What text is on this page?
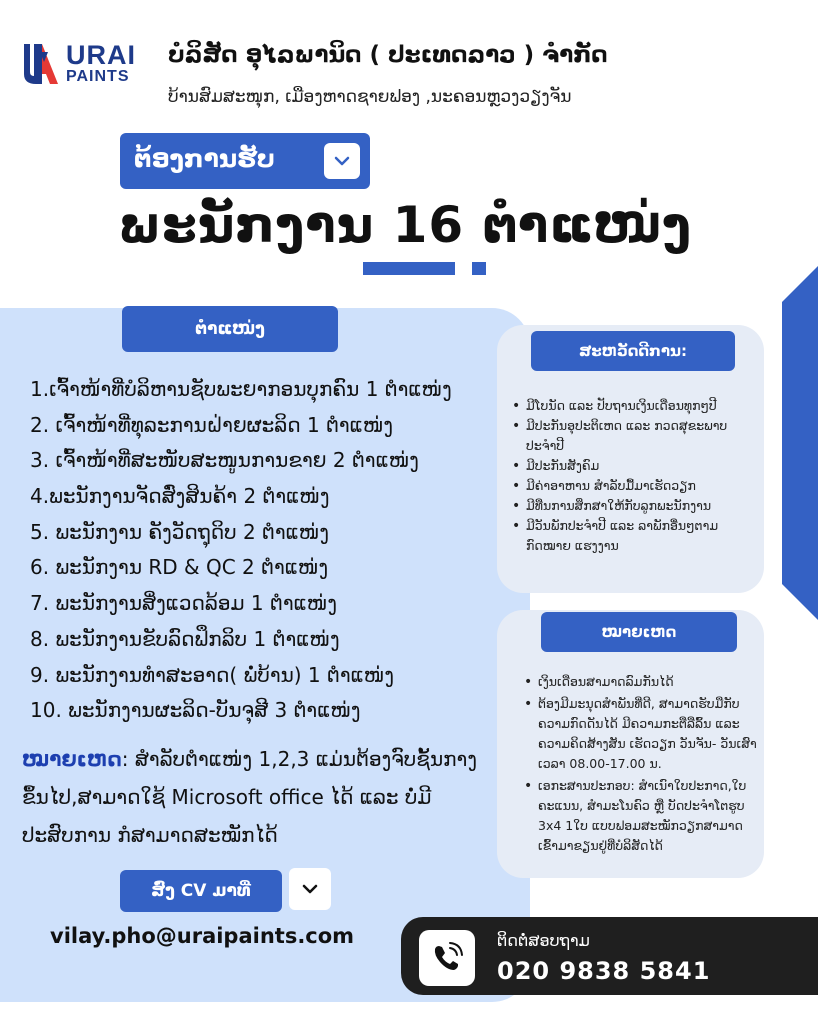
URAI
PAINTS
ບໍລິສັດ ອຸໄລພານິດ ( ປະເທດລາວ ) ຈຳກັດ
ບ້ານສົມສະໜຸກ, ເມືອງຫາດຊາຍຟອງ ,ນະຄອນຫຼວງວຽງຈັນ
ຕ້ອງການຮັບ
ພະນັກງານ 16 ຕຳແໜ່ງ
ຕຳແໜ່ງ
1.ເຈົ້າໜ້າທີ່ບໍລິຫານຊັບພະຍາກອນບຸກຄົນ 1 ຕຳແໜ່ງ
2. ເຈົ້າໜ້າທີ່ທຸລະການຝ່າຍຜະລິດ 1 ຕຳແໜ່ງ
3. ເຈົ້າໜ້າທີ່ສະໜັບສະໜູນການຂາຍ 2 ຕຳແໜ່ງ
4.ພະນັກງານຈັດສົ່ງສິນຄ້າ 2 ຕຳແໜ່ງ
5. ພະນັກງານ ຄັງວັດຖຸດິບ 2 ຕຳແໜ່ງ
6. ພະນັກງານ RD & QC 2 ຕຳແໜ່ງ
7. ພະນັກງານສິ່ງແວດລ້ອມ 1 ຕຳແໜ່ງ
8. ພະນັກງານຂັບລົດຟຶກລິບ 1 ຕຳແໜ່ງ
9. ພະນັກງານທຳສະອາດ( ພໍ່ບ້ານ) 1 ຕຳແໜ່ງ
10. ພະນັກງານຜະລິດ-ບັນຈຸສີ 3 ຕຳແໜ່ງ
ໝາຍເຫດ: ສຳລັບຕຳແໜ່ງ 1,2,3 ແມ່ນຕ້ອງຈົບຊັ້ນກາງຂຶ້ນໄປ,ສາມາດໃຊ້ Microsoft office ໄດ້ ແລະ ບໍ່ມີປະສົບການ ກໍສາມາດສະໝັກໄດ້
ສົ່ງ CV ມາທີ່
vilay.pho@uraipaints.com
ສະຫວັດດີການ:
• ມີໂບນັດ ແລະ ປັບຖານເງິນເດືອນທຸກໆປີ
• ມີປະກັນອຸປະຕິເຫດ ແລະ ກວດສຸຂະພາບປະຈຳປີ
• ມີປະກັນສັງຄົມ
• ມີຄ່າອາຫານ ສຳລັບມື້ມາເຮັດວຽກ
• ມີທືນການສຶກສາໃຫ້ກັບລູກພະນັກງານ
• ມີວັນພັກປະຈຳປີ ແລະ ລາພັກອື່ນໆຕາມກົດໝາຍ ແຮງງານ
ໝາຍເຫດ
• ເງິນເດືອນສາມາດລົມກັນໄດ້
• ຕ້ອງມີມະນຸດສຳພັນທີ່ດີ, ສາມາດຮັບມືກັບຄວາມກົດດັນໄດ້ ມີຄວາມກະຕືລືລົ້ນ ແລະ ຄວາມຄິດສ້າງສັນ ເຮັດວຽກ ວັນຈັນ- ວັນເສົາ ເວລາ 08.00-17.00 ນ.
• ເອກະສານປະກອບ: ສຳເນົາໃບປະກາດ,ໃບຄະແນນ, ສຳມະໂນຄົວ ຫຼື ບັດປະຈຳໂຕຮູບ 3x4 1ໃບ ແບບຟອມສະໝັກວຽກສາມາດເຂົ້າມາຂຽນຢູ່ທີ່ບໍລິສັດໄດ້
ຕິດຕໍ່ສອບຖາມ
020 9838 5841
